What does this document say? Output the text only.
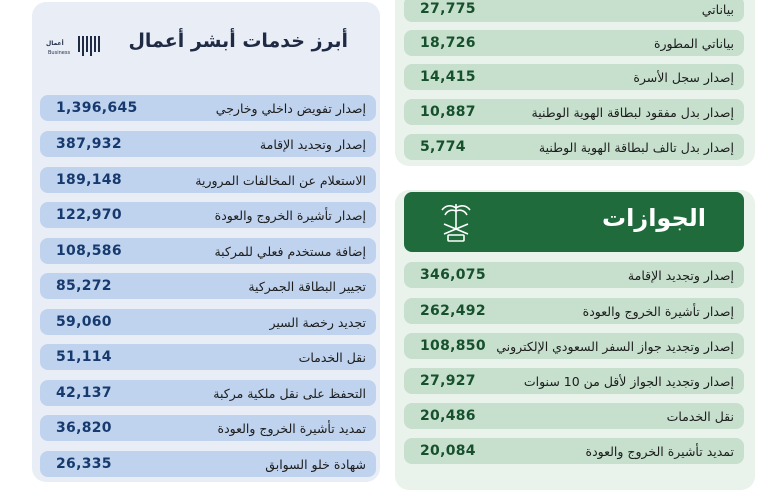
أبرز خدمات أبشر أعمال
أعمال
Business
1,396,645	إصدار تفويض داخلي وخارجي
387,932	إصدار وتجديد الإقامة
189,148	الاستعلام عن المخالفات المرورية
122,970	إصدار تأشيرة الخروج والعودة
108,586	إضافة مستخدم فعلي للمركبة
85,272	تجيير البطاقة الجمركية
59,060	تجديد رخصة السير
51,114	نقل الخدمات
42,137	التحفظ على نقل ملكية مركبة
36,820	تمديد تأشيرة الخروج والعودة
26,335	شهادة خلو السوابق
27,775	بياناتي
18,726	بياناتي المطورة
14,415	إصدار سجل الأسرة
10,887	إصدار بدل مفقود لبطاقة الهوية الوطنية
5,774	إصدار بدل تالف لبطاقة الهوية الوطنية
الجوازات
346,075	إصدار وتجديد الإقامة
262,492	إصدار تأشيرة الخروج والعودة
108,850 إصدار وتجديد جواز السفر السعودي الإلكتروني
27,927	إصدار وتجديد الجواز لأقل من 10 سنوات
20,486	نقل الخدمات
20,084	تمديد تأشيرة الخروج والعودة
